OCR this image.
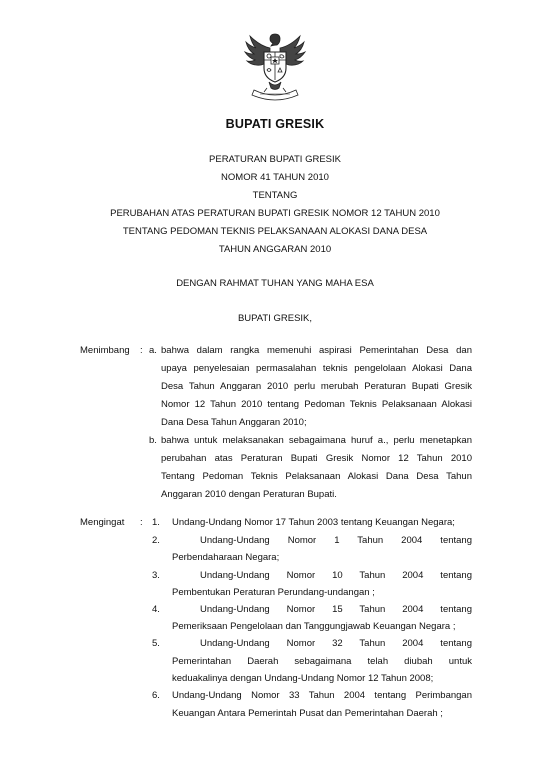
BUPATI GRESIK
PERATURAN BUPATI GRESIK
NOMOR 41 TAHUN 2010
TENTANG
PERUBAHAN ATAS PERATURAN BUPATI GRESIK NOMOR 12 TAHUN 2010
TENTANG PEDOMAN TEKNIS PELAKSANAAN ALOKASI DANA DESA
TAHUN ANGGARAN 2010
DENGAN RAHMAT TUHAN YANG MAHA ESA
BUPATI GRESIK,
Menimbang : a. bahwa dalam rangka memenuhi aspirasi Pemerintahan Desa dan
upaya penyelesaian permasalahan teknis pengelolaan Alokasi Dana
Desa Tahun Anggaran 2010 perlu merubah Peraturan Bupati Gresik
Nomor 12 Tahun 2010 tentang Pedoman Teknis Pelaksanaan Alokasi
Dana Desa Tahun Anggaran 2010;
b. bahwa untuk melaksanakan sebagaimana huruf a., perlu menetapkan
perubahan atas Peraturan Bupati Gresik Nomor 12 Tahun 2010
Tentang Pedoman Teknis Pelaksanaan Alokasi Dana Desa Tahun
Anggaran 2010 dengan Peraturan Bupati.
Mengingat : 1. Undang-Undang Nomor 17 Tahun 2003 tentang Keuangan Negara;
2.	Undang-Undang Nomor 1 Tahun 2004 tentang
Perbendaharaan Negara;
3.	Undang-Undang Nomor 10 Tahun 2004 tentang
Pembentukan Peraturan Perundang-undangan ;
4.	Undang-Undang Nomor 15 Tahun 2004 tentang
Pemeriksaan Pengelolaan dan Tanggungjawab Keuangan Negara ;
5.	Undang-Undang Nomor 32 Tahun 2004 tentang
Pemerintahan Daerah sebagaimana telah diubah untuk
keduakalinya dengan Undang-Undang Nomor 12 Tahun 2008;
6. Undang-Undang Nomor 33 Tahun 2004 tentang Perimbangan
Keuangan Antara Pemerintah Pusat dan Pemerintahan Daerah ;
